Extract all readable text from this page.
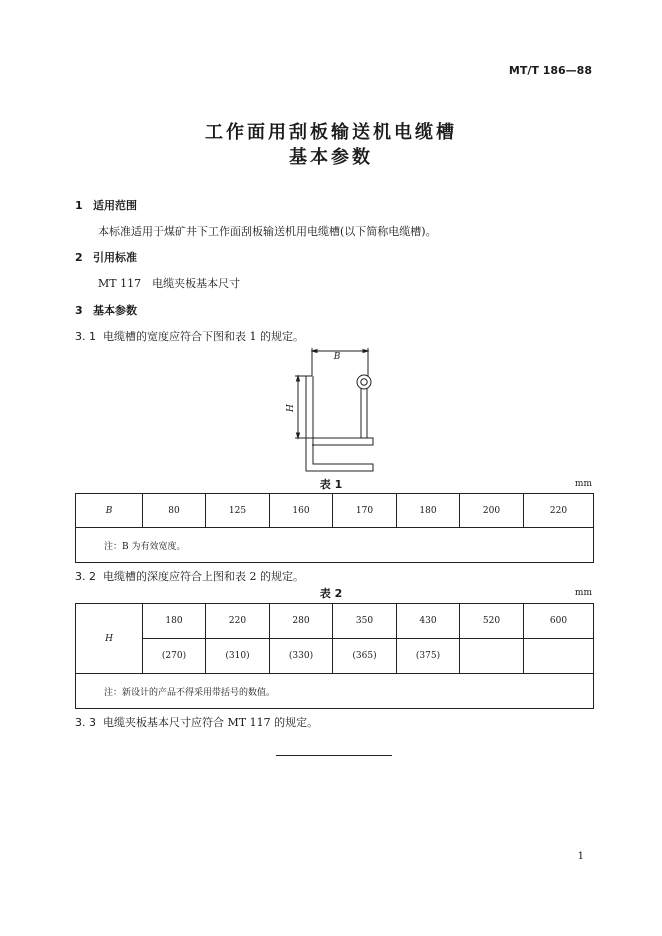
MT/T 186—88
工作面用刮板输送机电缆槽
基本参数
1 适用范围
本标准适用于煤矿井下工作面刮板输送机用电缆槽(以下简称电缆槽)。
2 引用标准
MT 117　电缆夹板基本尺寸
3 基本参数
3. 1 电缆槽的宽度应符合下图和表 1 的规定。
B
H
表 1	mm
B	80	125	160	170	180	200	220
注：B 为有效宽度。
3. 2 电缆槽的深度应符合上图和表 2 的规定。
表 2	mm
H	180	220	280	350	430	520	600
	(270)	(310)	(330)	(365)	(375)		
注：新设计的产品不得采用带括号的数值。							
3. 3 电缆夹板基本尺寸应符合 MT 117 的规定。
1
